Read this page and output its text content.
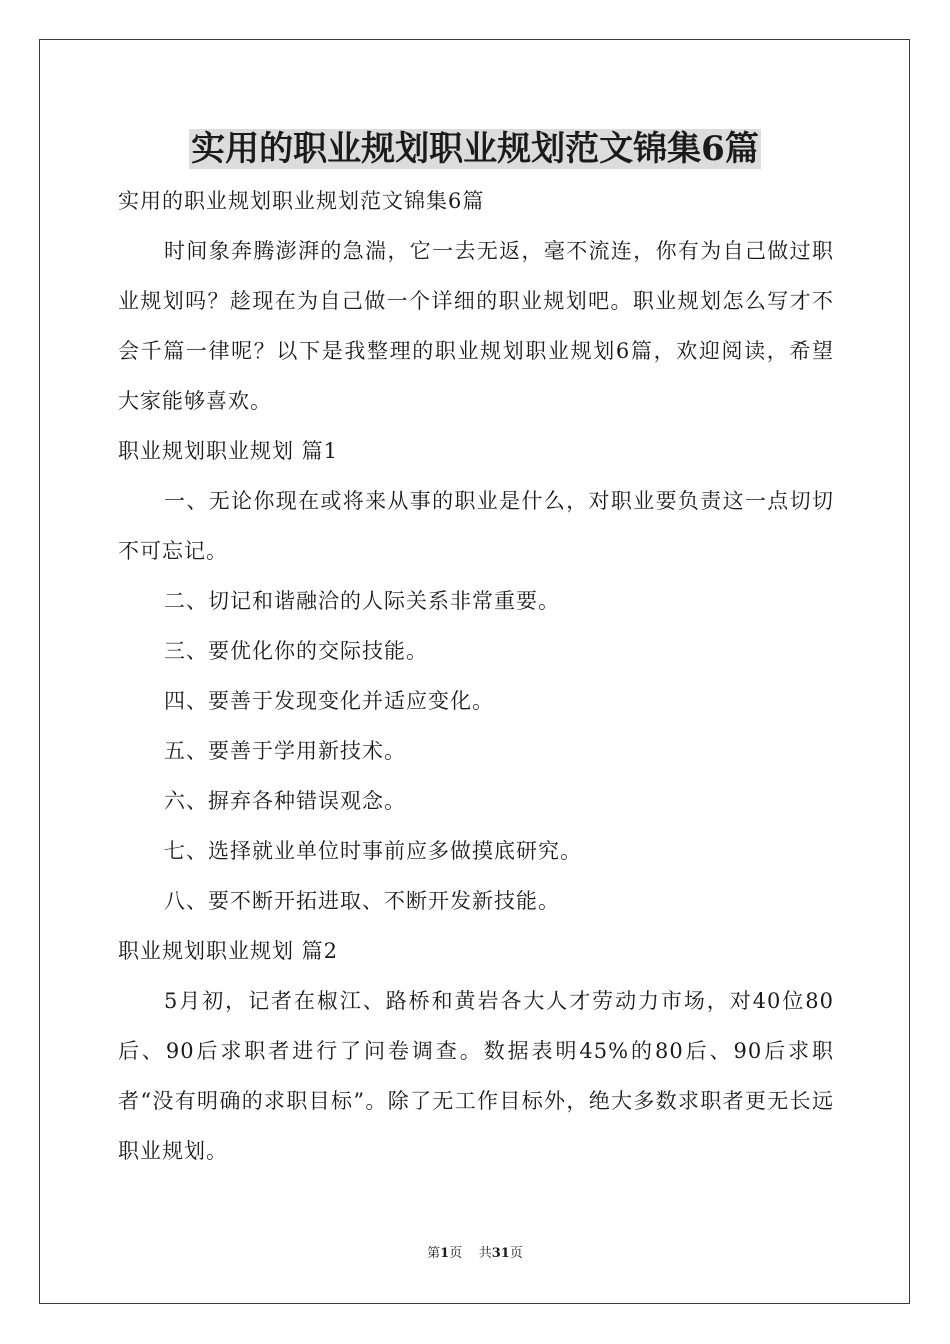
实用的职业规划职业规划范文锦集6篇

实用的职业规划职业规划范文锦集6篇

时间象奔腾澎湃的急湍，它一去无返，毫不流连，你有为自己做过职业规划吗？趁现在为自己做一个详细的职业规划吧。职业规划怎么写才不会千篇一律呢？以下是我整理的职业规划职业规划6篇，欢迎阅读，希望大家能够喜欢。

职业规划职业规划 篇1

一、无论你现在或将来从事的职业是什么，对职业要负责这一点切切不可忘记。

二、切记和谐融洽的人际关系非常重要。

三、要优化你的交际技能。

四、要善于发现变化并适应变化。

五、要善于学用新技术。

六、摒弃各种错误观念。

七、选择就业单位时事前应多做摸底研究。

八、要不断开拓进取、不断开发新技能。

职业规划职业规划 篇2

5月初，记者在椒江、路桥和黄岩各大人才劳动力市场，对40位80后、90后求职者进行了问卷调查。数据表明45%的80后、90后求职者“没有明确的求职目标”。除了无工作目标外，绝大多数求职者更无长远职业规划。

第1页 共31页
